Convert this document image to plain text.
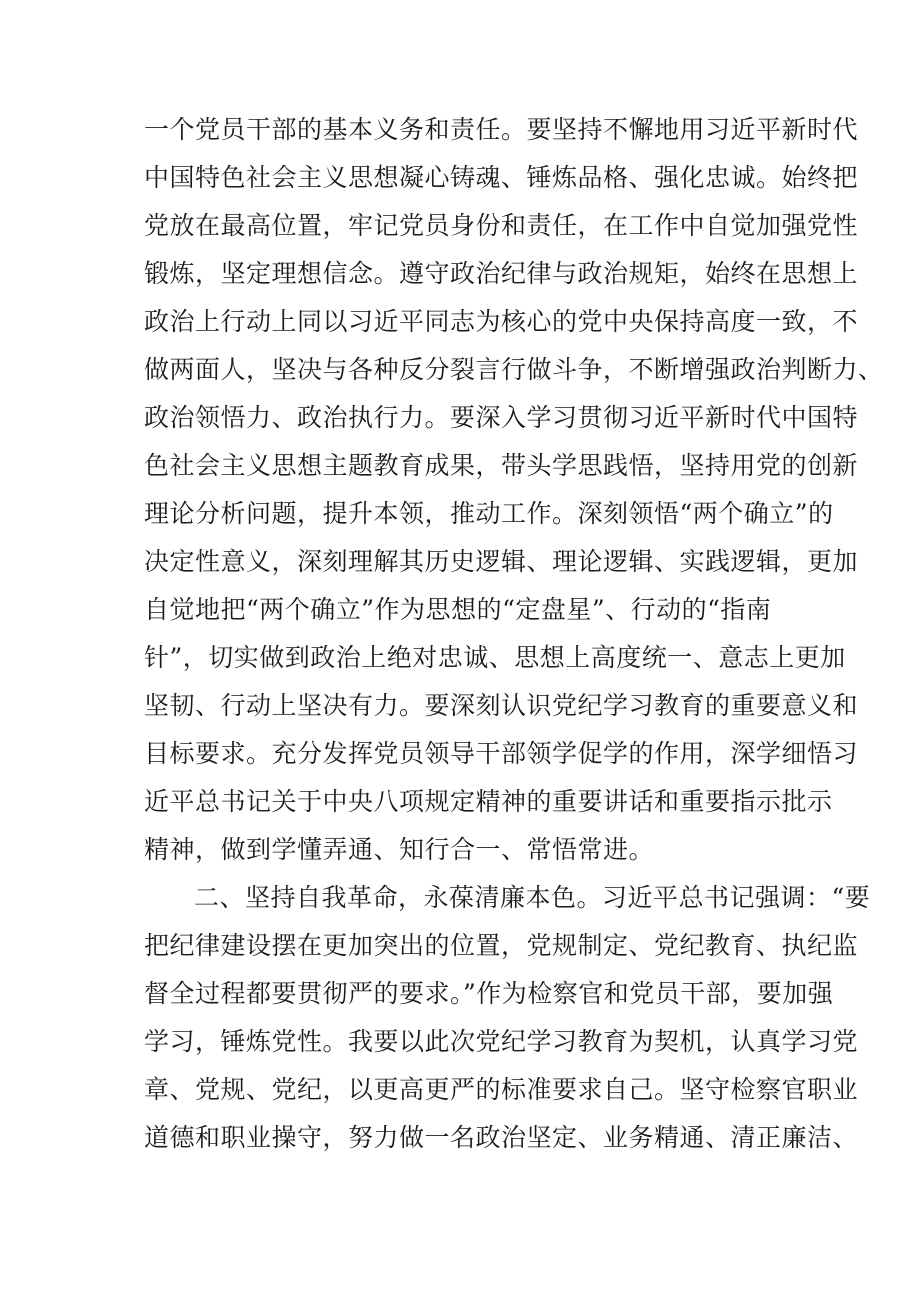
一个党员干部的基本义务和责任。要坚持不懈地用习近平新时代
中国特色社会主义思想凝心铸魂、锤炼品格、强化忠诚。始终把
党放在最高位置，牢记党员身份和责任，在工作中自觉加强党性
锻炼，坚定理想信念。遵守政治纪律与政治规矩，始终在思想上
政治上行动上同以习近平同志为核心的党中央保持高度一致，不
做两面人，坚决与各种反分裂言行做斗争，不断增强政治判断力、
政治领悟力、政治执行力。要深入学习贯彻习近平新时代中国特
色社会主义思想主题教育成果，带头学思践悟，坚持用党的创新
理论分析问题，提升本领，推动工作。深刻领悟“两个确立”的
决定性意义，深刻理解其历史逻辑、理论逻辑、实践逻辑，更加
自觉地把“两个确立”作为思想的“定盘星”、行动的“指南
针”，切实做到政治上绝对忠诚、思想上高度统一、意志上更加
坚韧、行动上坚决有力。要深刻认识党纪学习教育的重要意义和
目标要求。充分发挥党员领导干部领学促学的作用，深学细悟习
近平总书记关于中央八项规定精神的重要讲话和重要指示批示
精神，做到学懂弄通、知行合一、常悟常进。
二、坚持自我革命，永葆清廉本色。习近平总书记强调：“要
把纪律建设摆在更加突出的位置，党规制定、党纪教育、执纪监
督全过程都要贯彻严的要求。”作为检察官和党员干部，要加强
学习，锤炼党性。我要以此次党纪学习教育为契机，认真学习党
章、党规、党纪，以更高更严的标准要求自己。坚守检察官职业
道德和职业操守，努力做一名政治坚定、业务精通、清正廉洁、
